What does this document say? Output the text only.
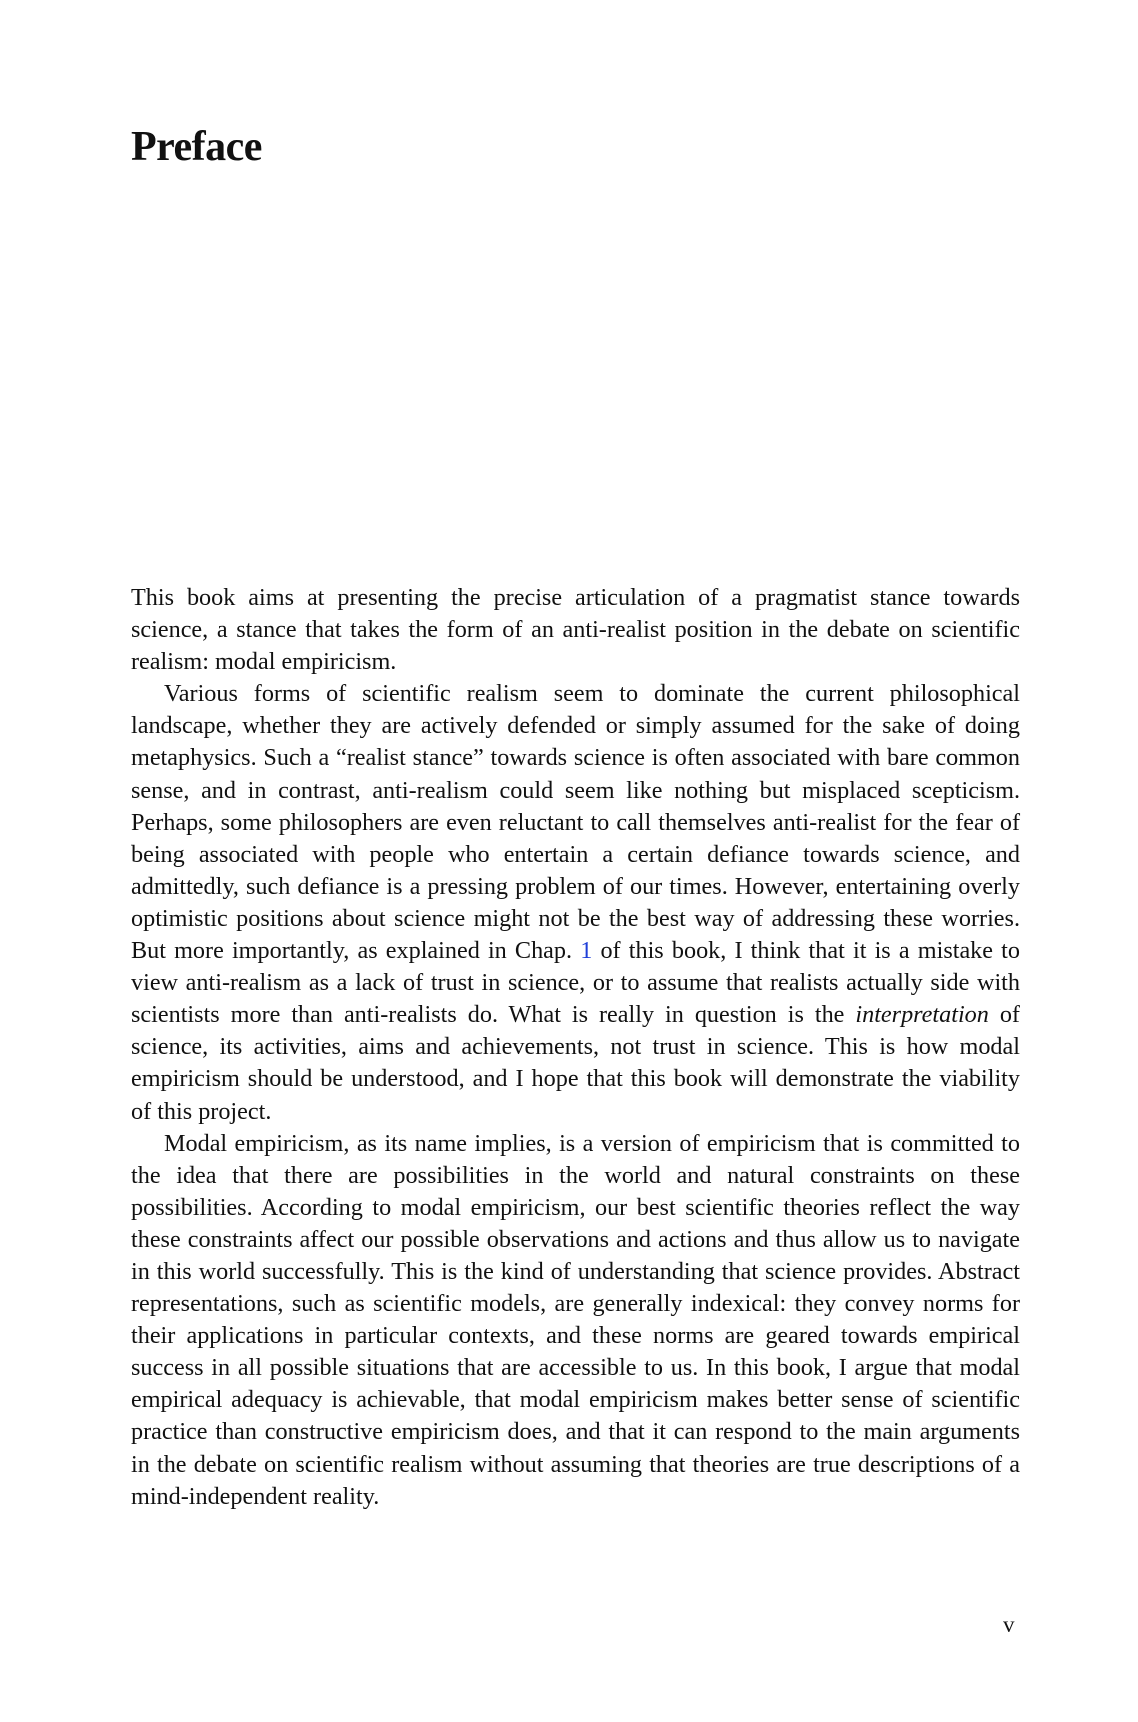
Preface

This book aims at presenting the precise articulation of a pragmatist stance towards science, a stance that takes the form of an anti-realist position in the debate on scientific realism: modal empiricism.

Various forms of scientific realism seem to dominate the current philosophical landscape, whether they are actively defended or simply assumed for the sake of doing metaphysics. Such a “realist stance” towards science is often associated with bare common sense, and in contrast, anti-realism could seem like nothing but misplaced scepticism. Perhaps, some philosophers are even reluctant to call themselves anti-realist for the fear of being associated with people who entertain a certain defiance towards science, and admittedly, such defiance is a pressing problem of our times. However, entertaining overly optimistic positions about science might not be the best way of addressing these worries. But more importantly, as explained in Chap. 1 of this book, I think that it is a mistake to view anti-realism as a lack of trust in science, or to assume that realists actually side with scientists more than anti-realists do. What is really in question is the interpretation of science, its activities, aims and achievements, not trust in science. This is how modal empiricism should be understood, and I hope that this book will demonstrate the viability of this project.

Modal empiricism, as its name implies, is a version of empiricism that is committed to the idea that there are possibilities in the world and natural constraints on these possibilities. According to modal empiricism, our best scientific theories reflect the way these constraints affect our possible observations and actions and thus allow us to navigate in this world successfully. This is the kind of understanding that science provides. Abstract representations, such as scientific models, are generally indexical: they convey norms for their applications in particular contexts, and these norms are geared towards empirical success in all possible situations that are accessible to us. In this book, I argue that modal empirical adequacy is achievable, that modal empiricism makes better sense of scientific practice than constructive empiricism does, and that it can respond to the main arguments in the debate on scientific realism without assuming that theories are true descriptions of a mind-independent reality.

v
